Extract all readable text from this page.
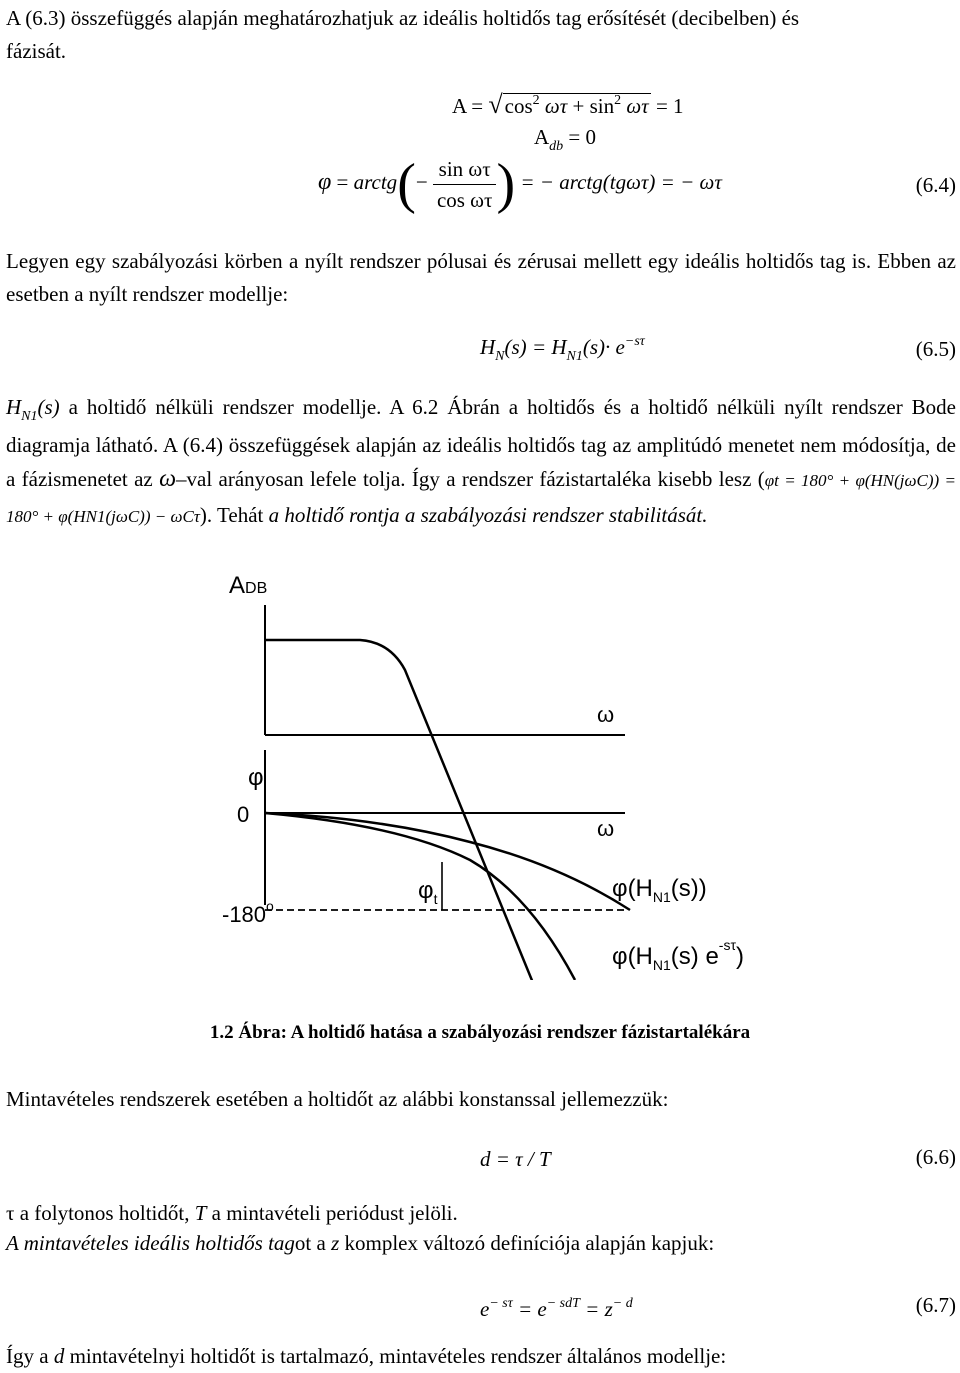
A (6.3) összefüggés alapján meghatározhatjuk az ideális holtidős tag erősítését (decibelben) és
fázisát.
$A = √\cos^2$ $\omega\tau + \sin^2 \omega\tau = 1$
$A_{db} = 0$
φ = arctg(− $\frac{\text{sin ωτ}}{\text{cos ωτ}}$ ) = − arctg(tgωτ) = − ωτ	(6.4)
Legyen egy szabályozási körben a nyílt rendszer pólusai és zérusai mellett egy ideális holtidős tag is. Ebben az esetben a nyílt rendszer modellje:
$H_N(s) = H_{N1}(s)\cdot e^{-s\tau}$	(6.5)
$H_{N1}(s)$ a holtidő nélküli rendszer modellje. A 6.2 Ábrán a holtidős és a holtidő nélküli nyílt rendszer Bode diagramja látható. A (6.4) összefüggések alapján az ideális holtidős tag az amplitúdó menetet nem módosítja, de a fázismenetet az ω–val arányosan lefele tolja. Így a rendszer fázistartaléka kisebb lesz (φt = 180° + φ(HN(jωC)) = 180° + φ(HN1(jωC)) − ωCτ). Tehát a holtidő rontja a szabályozási rendszer stabilitását.
ADB
ω
φ
0
ω
-180$^o$
$\varphi_t$	$\varphi(H_{N1}(s))$
$\varphi(H_{N1}(s)$ $e^{-s\tau}$)
1.2 Ábra: A holtidő hatása a szabályozási rendszer fázistartalékára
Mintavételes rendszerek esetében a holtidőt az alábbi konstanssal jellemezzük:
d = τ / T	(6.6)
τ a folytonos holtidőt, T a mintavételi periódust jelöli.
A mintavételes ideális holtidős tagot a z komplex változó definíciója alapján kapjuk:
$e^{- s\tau} = e^{- sdT} = z^{- d}$	(6.7)
Így a d mintavételnyi holtidőt is tartalmazó, mintavételes rendszer általános modellje:
